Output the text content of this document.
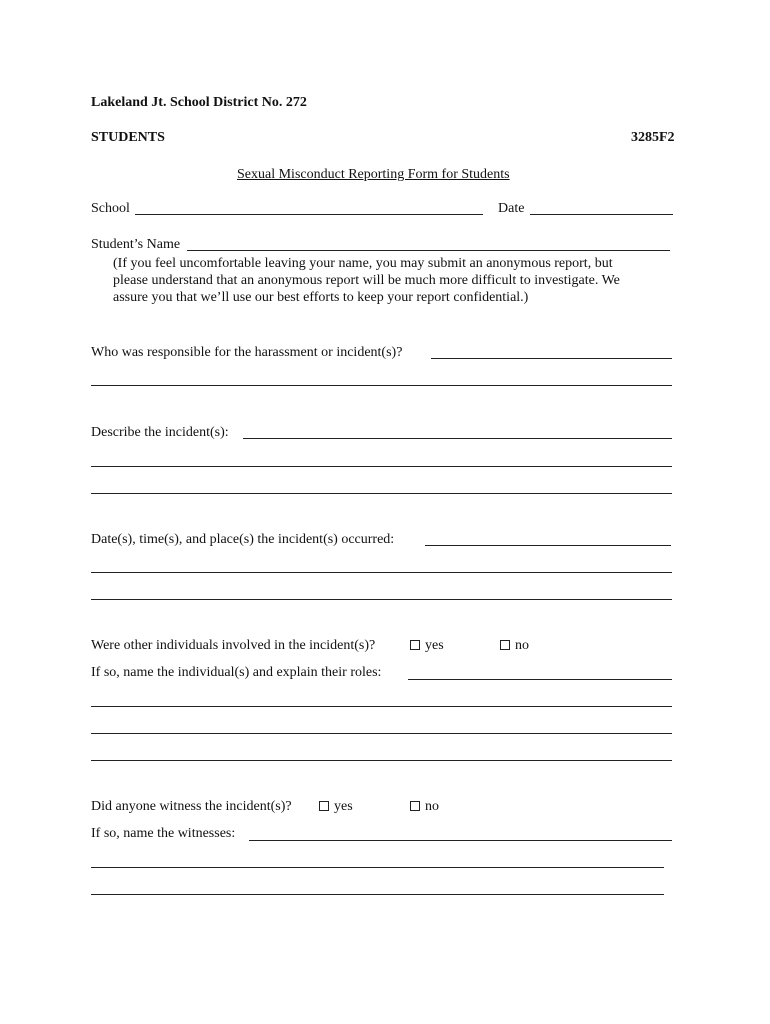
Lakeland Jt. School District No. 272
STUDENTS	3285F2
Sexual Misconduct Reporting Form for Students
School	Date
Student’s Name
(If you feel uncomfortable leaving your name, you may submit an anonymous report, but
please understand that an anonymous report will be much more difficult to investigate. We
assure you that we’ll use our best efforts to keep your report confidential.)
Who was responsible for the harassment or incident(s)?
Describe the incident(s):
Date(s), time(s), and place(s) the incident(s) occurred:
Were other individuals involved in the incident(s)?	yes	no
If so, name the individual(s) and explain their roles:
Did anyone witness the incident(s)?	yes	no
If so, name the witnesses:
